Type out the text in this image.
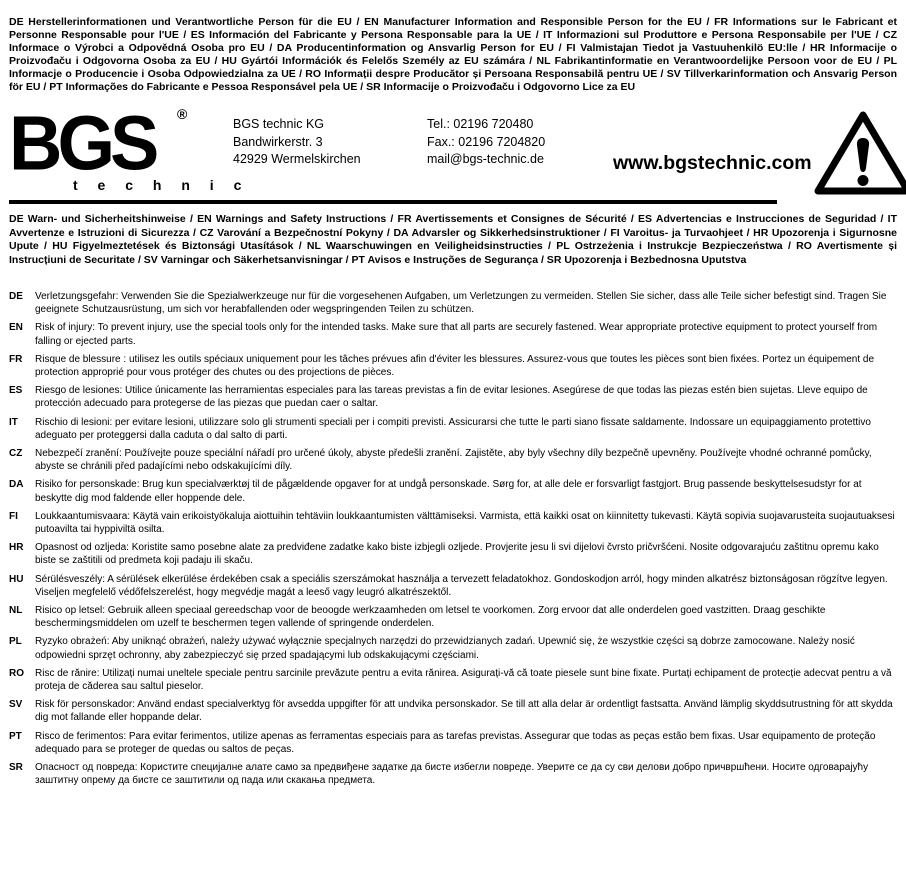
DE Herstellerinformationen und Verantwortliche Person für die EU / EN Manufacturer Information and Responsible Person for the EU / FR Informations sur le Fabricant et Personne Responsable pour l'UE / ES Información del Fabricante y Persona Responsable para la UE / IT Informazioni sul Produttore e Persona Responsabile per l'UE / CZ Informace o Výrobci a Odpovědná Osoba pro EU / DA Producentinformation og Ansvarlig Person for EU / FI Valmistajan Tiedot ja Vastuuhenkilö EU:lle / HR Informacije o Proizvođaču i Odgovorna Osoba za EU / HU Gyártói Információk és Felelős Személy az EU számára / NL Fabrikantinformatie en Verantwoordelijke Persoon voor de EU / PL Informacje o Producencie i Osoba Odpowiedzialna za UE / RO Informații despre Producător și Persoana Responsabilă pentru UE / SV Tillverkarinformation och Ansvarig Person för EU / PT Informações do Fabricante e Pessoa Responsável pela UE / SR Informacije o Proizvođaču i Odgovorno Lice za EU

BGS	®
t e c h n i c
BGS technic KG
Bandwirkerstr. 3
42929 Wermelskirchen
Tel.: 02196 720480
Fax.: 02196 7204820
mail@bgs-technic.de	www.bgstechnic.com

DE Warn- und Sicherheitshinweise / EN Warnings and Safety Instructions / FR Avertissements et Consignes de Sécurité / ES Advertencias e Instrucciones de Seguridad / IT Avvertenze e Istruzioni di Sicurezza / CZ Varování a Bezpečnostní Pokyny / DA Advarsler og Sikkerhedsinstruktioner / FI Varoitus- ja Turvaohjeet / HR Upozorenja i Sigurnosne Upute / HU Figyelmeztetések és Biztonsági Utasítások / NL Waarschuwingen en Veiligheidsinstructies / PL Ostrzeżenia i Instrukcje Bezpieczeństwa / RO Avertismente și Instrucțiuni de Securitate / SV Varningar och Säkerhetsanvisningar / PT Avisos e Instruções de Segurança / SR Upozorenja i Bezbednosna Uputstva

DE	Verletzungsgefahr: Verwenden Sie die Spezialwerkzeuge nur für die vorgesehenen Aufgaben, um Verletzungen zu vermeiden. Stellen Sie sicher, dass alle Teile sicher befestigt sind. Tragen Sie geeignete Schutzausrüstung, um sich vor herabfallenden oder wegspringenden Teilen zu schützen.
EN	Risk of injury: To prevent injury, use the special tools only for the intended tasks. Make sure that all parts are securely fastened. Wear appropriate protective equipment to protect yourself from falling or ejected parts.
FR	Risque de blessure : utilisez les outils spéciaux uniquement pour les tâches prévues afin d'éviter les blessures. Assurez-vous que toutes les pièces sont bien fixées. Portez un équipement de protection approprié pour vous protéger des chutes ou des projections de pièces.
ES	Riesgo de lesiones: Utilice únicamente las herramientas especiales para las tareas previstas a fin de evitar lesiones. Asegúrese de que todas las piezas estén bien sujetas. Lleve equipo de protección adecuado para protegerse de las piezas que puedan caer o saltar.
IT	Rischio di lesioni: per evitare lesioni, utilizzare solo gli strumenti speciali per i compiti previsti. Assicurarsi che tutte le parti siano fissate saldamente. Indossare un equipaggiamento protettivo adeguato per proteggersi dalla caduta o dal salto di parti.
CZ	Nebezpečí zranění: Používejte pouze speciální nářadí pro určené úkoly, abyste předešli zranění. Zajistěte, aby byly všechny díly bezpečně upevněny. Používejte vhodné ochranné pomůcky, abyste se chránili před padajícími nebo odskakujícími díly.
DA Risiko for personskade: Brug kun specialværktøj til de pågældende opgaver for at undgå personskade. Sørg for, at alle dele er forsvarligt fastgjort. Brug passende beskyttelsesudstyr for at beskytte dig mod faldende eller hoppende dele.
FI	Loukkaantumisvaara: Käytä vain erikoistyökaluja aiottuihin tehtäviin loukkaantumisten välttämiseksi. Varmista, että kaikki osat on kiinnitetty tukevasti. Käytä sopivia suojavarusteita suojautuaksesi putoavilta tai hyppiviltä osilta.
HR Opasnost od ozljeda: Koristite samo posebne alate za predviđene zadatke kako biste izbjegli ozljede. Provjerite jesu li svi dijelovi čvrsto pričvršćeni. Nosite odgovarajuću zaštitnu opremu kako biste se zaštitili od predmeta koji padaju ili skaču.
HU Sérülésveszély: A sérülések elkerülése érdekében csak a speciális szerszámokat használja a tervezett feladatokhoz. Gondoskodjon arról, hogy minden alkatrész biztonságosan rögzítve legyen. Viseljen megfelelő védőfelszerelést, hogy megvédje magát a leeső vagy leugró alkatrészektől.
NL	Risico op letsel: Gebruik alleen speciaal gereedschap voor de beoogde werkzaamheden om letsel te voorkomen. Zorg ervoor dat alle onderdelen goed vastzitten. Draag geschikte beschermingsmiddelen om uzelf te beschermen tegen vallende of springende onderdelen.
PL	Ryzyko obrażeń: Aby uniknąć obrażeń, należy używać wyłącznie specjalnych narzędzi do przewidzianych zadań. Upewnić się, że wszystkie części są dobrze zamocowane. Należy nosić odpowiedni sprzęt ochronny, aby zabezpieczyć się przed spadającymi lub odskakującymi częściami.
RO Risc de rănire: Utilizați numai uneltele speciale pentru sarcinile prevăzute pentru a evita rănirea. Asigurați-vă că toate piesele sunt bine fixate. Purtați echipament de protecție adecvat pentru a vă proteja de căderea sau saltul pieselor.
SV	Risk för personskador: Använd endast specialverktyg för avsedda uppgifter för att undvika personskador. Se till att alla delar är ordentligt fastsatta. Använd lämplig skyddsutrustning för att skydda dig mot fallande eller hoppande delar.
PT	Risco de ferimentos: Para evitar ferimentos, utilize apenas as ferramentas especiais para as tarefas previstas. Assegurar que todas as peças estão bem fixas. Usar equipamento de proteção adequado para se proteger de quedas ou saltos de peças.
SR	Опасност од повреда: Користите специјалне алате само за предвиђене задатке да бисте избегли повреде. Уверите се да су сви делови добро причвршћени. Носите одговарајућу заштитну опрему да бисте се заштитили од пада или скакања предмета.
